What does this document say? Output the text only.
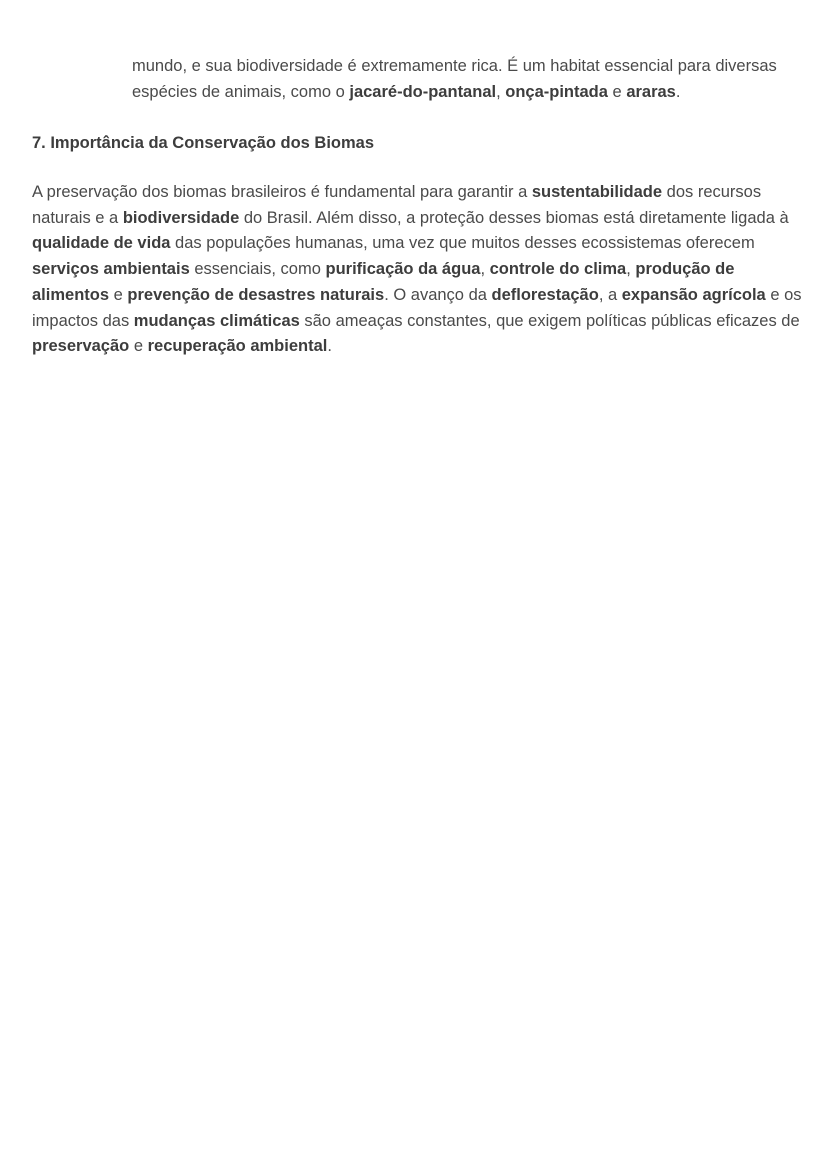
mundo, e sua biodiversidade é extremamente rica. É um habitat essencial para diversas espécies de animais, como o jacaré-do-pantanal, onça-pintada e araras.

7. Importância da Conservação dos Biomas

A preservação dos biomas brasileiros é fundamental para garantir a sustentabilidade dos recursos naturais e a biodiversidade do Brasil. Além disso, a proteção desses biomas está diretamente ligada à qualidade de vida das populações humanas, uma vez que muitos desses ecossistemas oferecem serviços ambientais essenciais, como purificação da água, controle do clima, produção de alimentos e prevenção de desastres naturais. O avanço da deflorestação, a expansão agrícola e os impactos das mudanças climáticas são ameaças constantes, que exigem políticas públicas eficazes de preservação e recuperação ambiental.
